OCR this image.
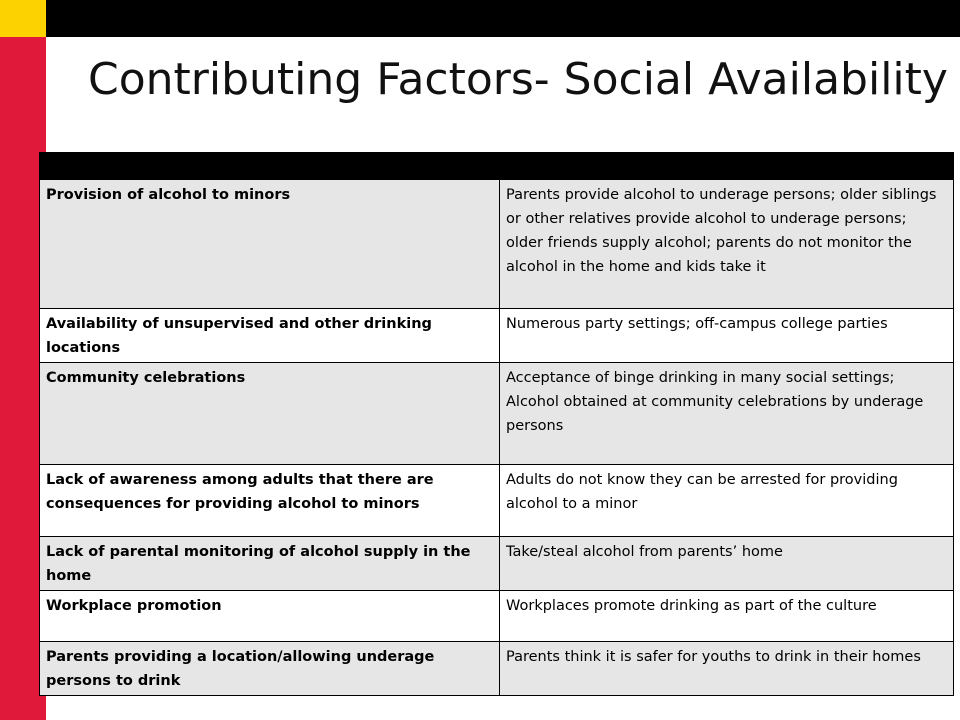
Contributing Factors- Social Availability

Provision of alcohol to minors	Parents provide alcohol to underage persons; older siblings or other relatives provide alcohol to underage persons; older friends supply alcohol; parents do not monitor the alcohol in the home and kids take it
Availability of unsupervised and other drinking locations	Numerous party settings; off-campus college parties
Community celebrations	Acceptance of binge drinking in many social settings; Alcohol obtained at community celebrations by underage persons
Lack of awareness among adults that there are consequences for providing alcohol to minors	Adults do not know they can be arrested for providing alcohol to a minor
Lack of parental monitoring of alcohol supply in the home	Take/steal alcohol from parents’ home
Workplace promotion	Workplaces promote drinking as part of the culture
Parents providing a location/allowing underage persons to drink	Parents think it is safer for youths to drink in their homes
